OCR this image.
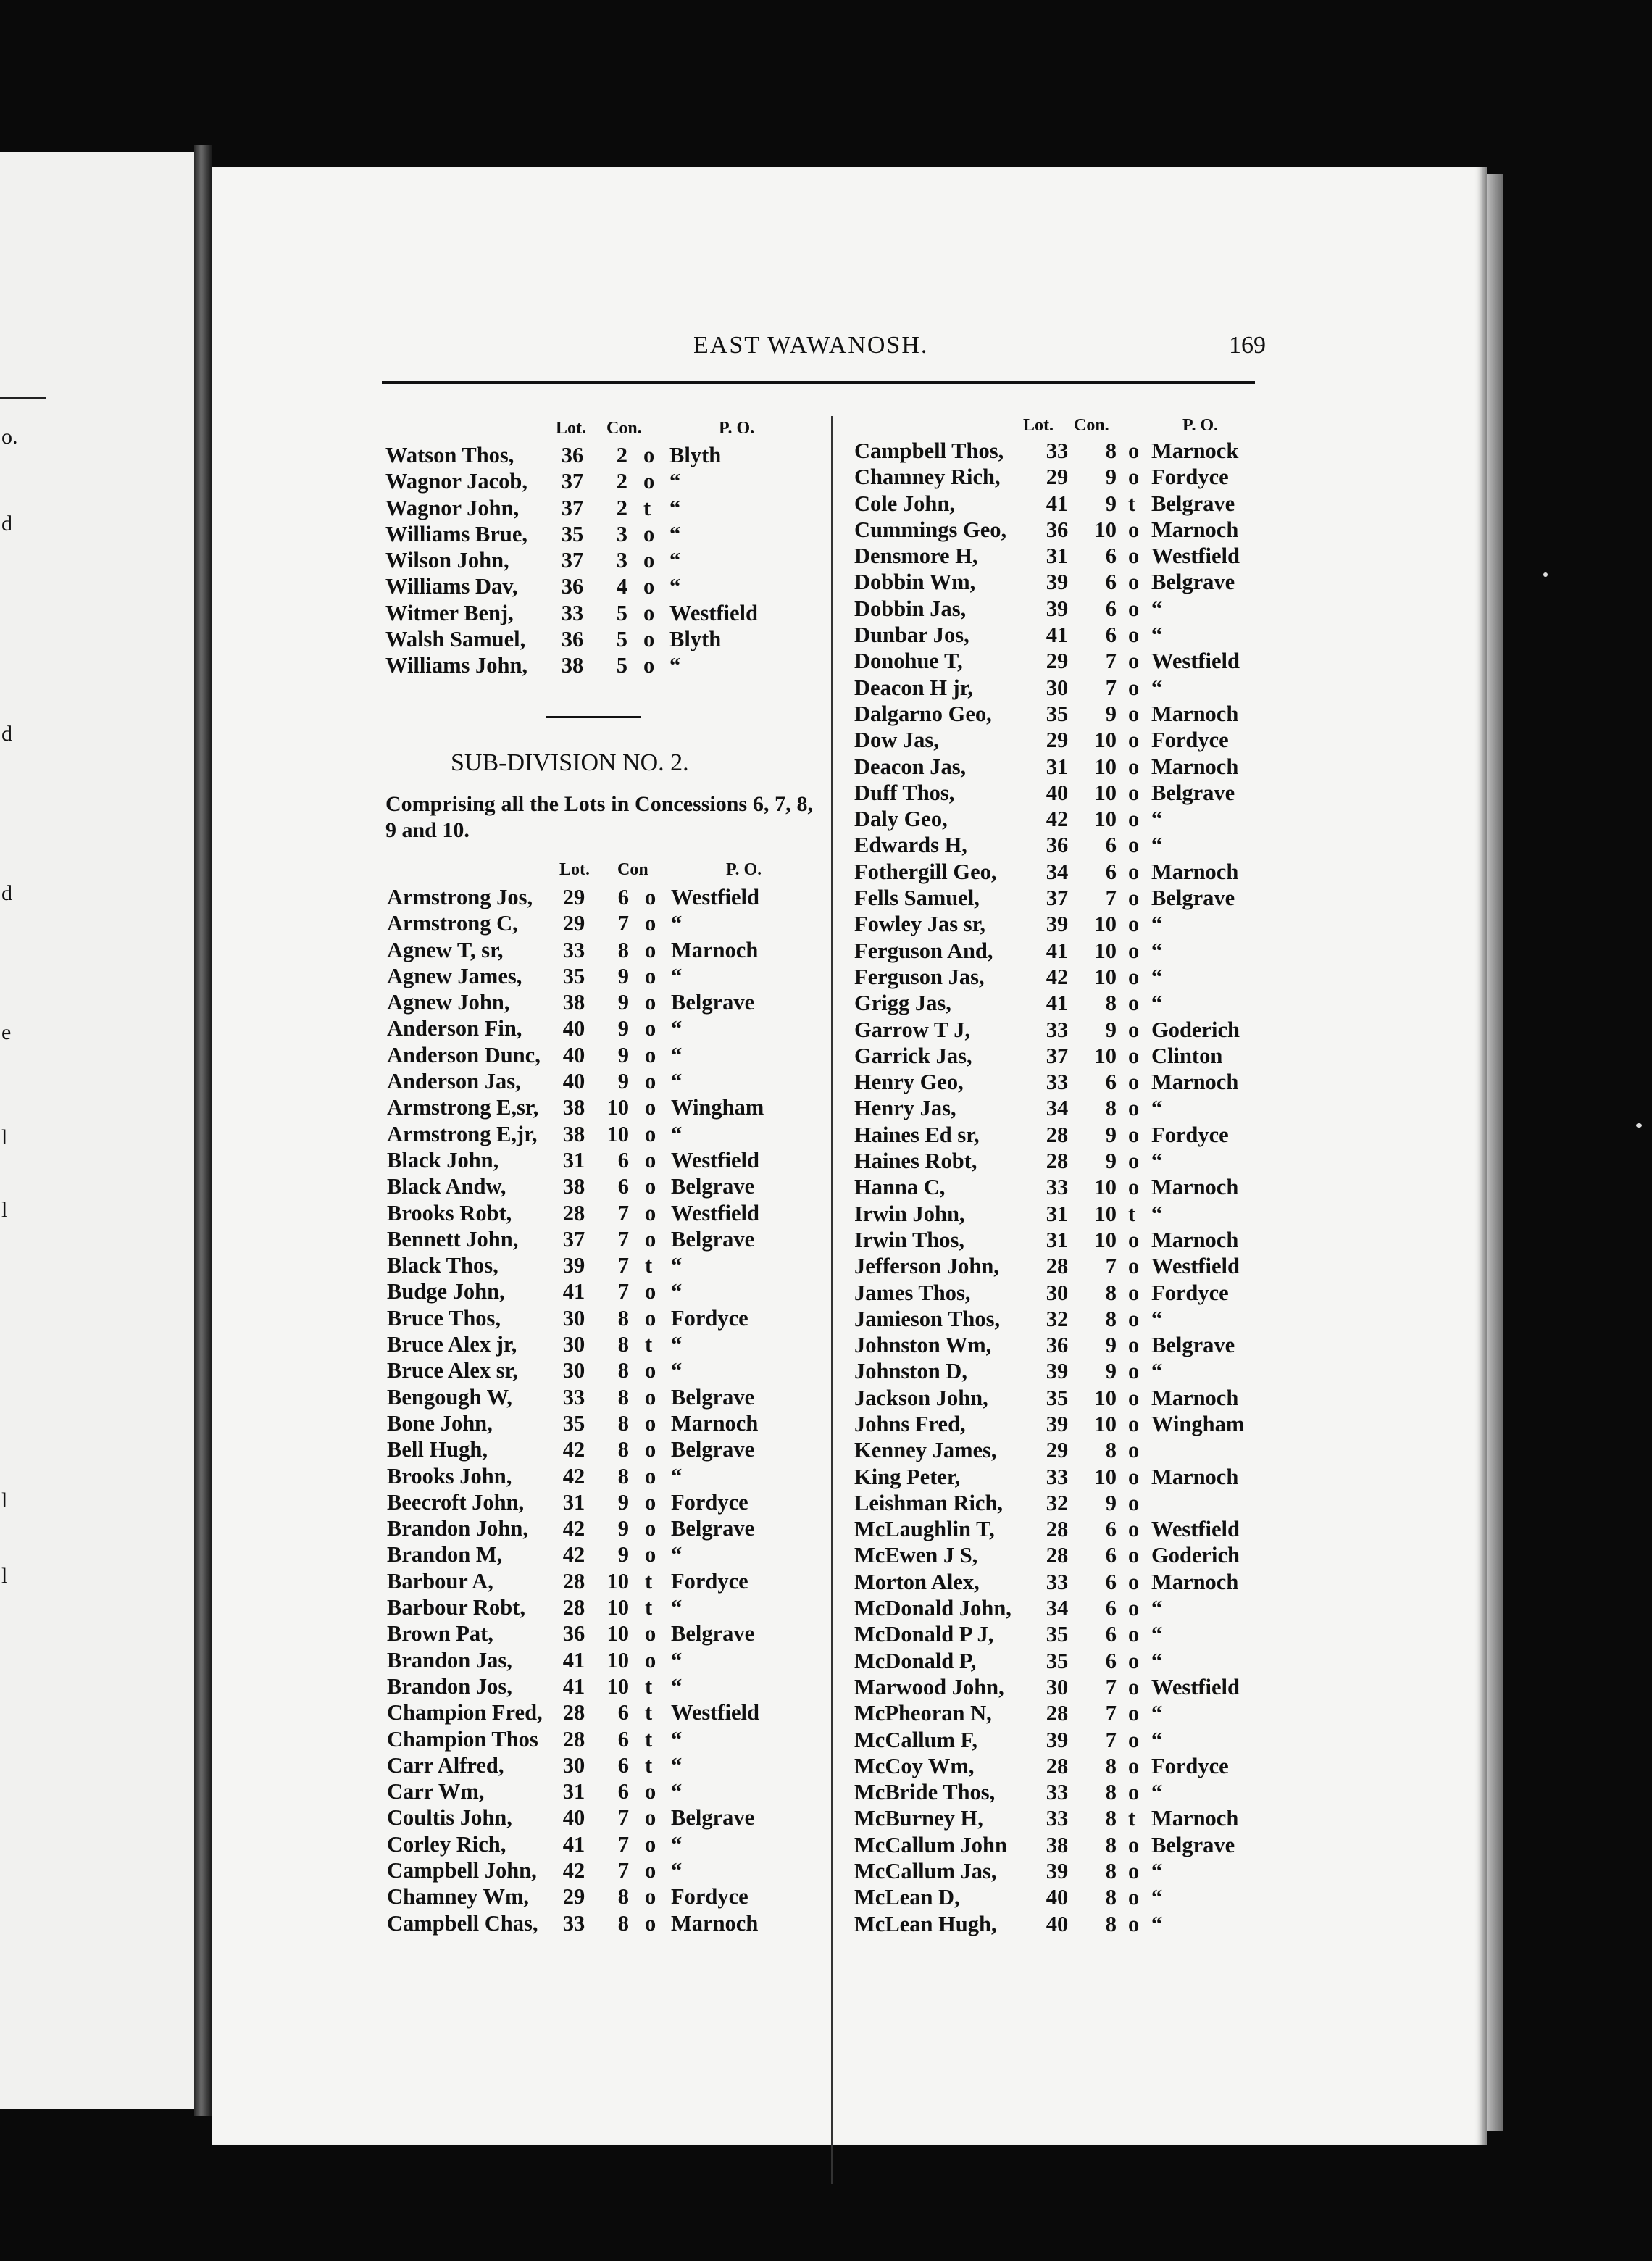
o.
d
d
d
e
l
l
l
l
EAST WAWANOSH.	169
Lot. Con.	P. O.
Watson Thos,	36	2 o Blyth
Wagnor Jacob,	37	2 o “
Wagnor John,	37	2 t “
Williams Brue,	35	3 o “
Wilson John,	37	3 o “
Williams Dav,	36	4 o “
Witmer Benj,	33	5 o Westfield
Walsh Samuel,	36	5 o Blyth
Williams John,	38	5 o “
SUB-DIVISION NO. 2.
Comprising all the Lots in Concessions 6, 7, 8, 9 and 10.
Lot. Con	P. O.
Armstrong Jos,	29	6 o Westfield
Armstrong C,	29	7 o “
Agnew T, sr,	33	8 o Marnoch
Agnew James,	35	9 o “
Agnew John,	38	9 o Belgrave
Anderson Fin,	40	9 o “
Anderson Dunc,	40	9 o “
Anderson Jas,	40	9 o “
Armstrong E,sr,	38 10 o Wingham
Armstrong E,jr,	38 10 o “
Black John,	31	6 o Westfield
Black Andw,	38	6 o Belgrave
Brooks Robt,	28	7 o Westfield
Bennett John,	37	7 o Belgrave
Black Thos,	39	7 t “
Budge John,	41	7 o “
Bruce Thos,	30	8 o Fordyce
Bruce Alex jr,	30	8 t “
Bruce Alex sr,	30	8 o “
Bengough W,	33	8 o Belgrave
Bone John,	35	8 o Marnoch
Bell Hugh,	42	8 o Belgrave
Brooks John,	42	8 o “
Beecroft John,	31	9 o Fordyce
Brandon John,	42	9 o Belgrave
Brandon M,	42	9 o “
Barbour A,	28 10 t Fordyce
Barbour Robt,	28 10 t “
Brown Pat,	36 10 o Belgrave
Brandon Jas,	41 10 o “
Brandon Jos,	41 10 t “
Champion Fred, 28	6 t Westfield
Champion Thos	28	6 t “
Carr Alfred,	30	6 t “
Carr Wm,	31	6 o “
Coultis John,	40	7 o Belgrave
Corley Rich,	41	7 o “
Campbell John,	42	7 o “
Chamney Wm,	29	8 o Fordyce
Campbell Chas,	33	8 o Marnoch
Lot. Con.	P. O.
Campbell Thos,	33	8 o Marnock
Chamney Rich,	29	9 o Fordyce
Cole John,	41	9 t Belgrave
Cummings Geo,	36	10 o Marnoch
Densmore H,	31	6 o Westfield
Dobbin Wm,	39	6 o Belgrave
Dobbin Jas,	39	6 o “
Dunbar Jos,	41	6 o “
Donohue T,	29	7 o Westfield
Deacon H jr,	30	7 o “
Dalgarno Geo,	35	9 o Marnoch
Dow Jas,	29	10 o Fordyce
Deacon Jas,	31	10 o Marnoch
Duff Thos,	40	10 o Belgrave
Daly Geo,	42	10 o “
Edwards H,	36	6 o “
Fothergill Geo,	34	6 o Marnoch
Fells Samuel,	37	7 o Belgrave
Fowley Jas sr,	39	10 o “
Ferguson And,	41	10 o “
Ferguson Jas,	42	10 o “
Grigg Jas,	41	8 o “
Garrow T J,	33	9 o Goderich
Garrick Jas,	37	10 o Clinton
Henry Geo,	33	6 o Marnoch
Henry Jas,	34	8 o “
Haines Ed sr,	28	9 o Fordyce
Haines Robt,	28	9 o “
Hanna C,	33	10 o Marnoch
Irwin John,	31	10 t “
Irwin Thos,	31	10 o Marnoch
Jefferson John,	28	7 o Westfield
James Thos,	30	8 o Fordyce
Jamieson Thos,	32	8 o “
Johnston Wm,	36	9 o Belgrave
Johnston D,	39	9 o “
Jackson John,	35	10 o Marnoch
Johns Fred,	39	10 o Wingham
Kenney James,	29	8 o
King Peter,	33	10 o Marnoch
Leishman Rich,	32	9 o
McLaughlin T,	28	6 o Westfield
McEwen J S,	28	6 o Goderich
Morton Alex,	33	6 o Marnoch
McDonald John,	34	6 o “
McDonald P J,	35	6 o “
McDonald P,	35	6 o “
Marwood John,	30	7 o Westfield
McPheoran N,	28	7 o “
McCallum F,	39	7 o “
McCoy Wm,	28	8 o Fordyce
McBride Thos,	33	8 o “
McBurney H,	33	8 t Marnoch
McCallum John	38	8 o Belgrave
McCallum Jas,	39	8 o “
McLean D,	40	8 o “
McLean Hugh,	40	8 o “
